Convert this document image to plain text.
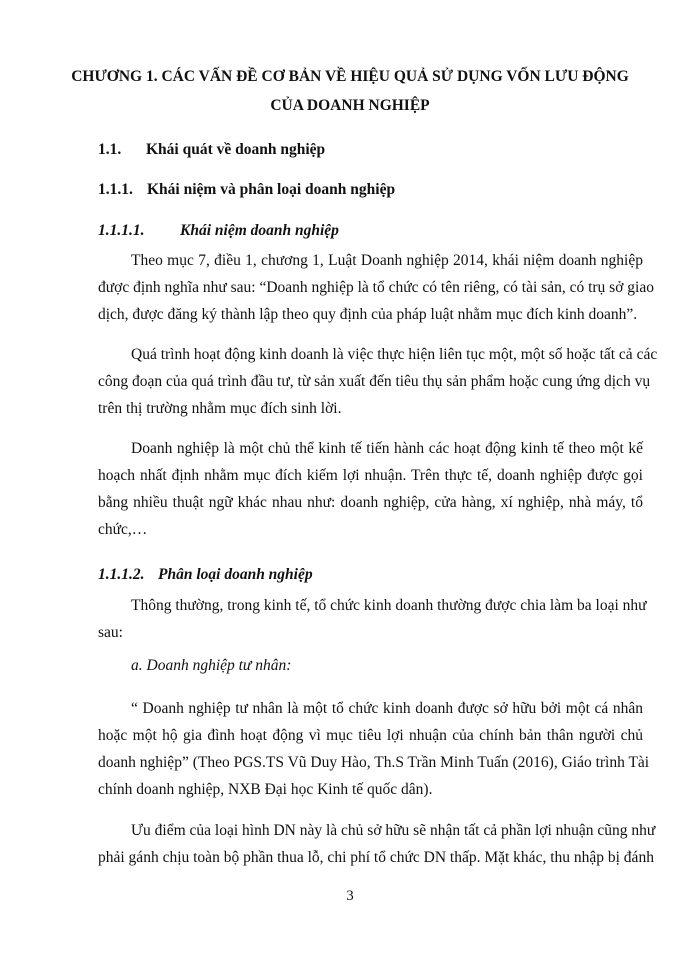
CHƯƠNG 1. CÁC VẤN ĐỀ CƠ BẢN VỀ HIỆU QUẢ SỬ DỤNG VỐN LƯU ĐỘNG
CỦA DOANH NGHIỆP
1.1. Khái quát về doanh nghiệp
1.1.1. Khái niệm và phân loại doanh nghiệp
1.1.1.1. Khái niệm doanh nghiệp
Theo mục 7, điều 1, chương 1, Luật Doanh nghiệp 2014, khái niệm doanh nghiệp
được định nghĩa như sau: “Doanh nghiệp là tổ chức có tên riêng, có tài sản, có trụ sở giao
dịch, được đăng ký thành lập theo quy định của pháp luật nhằm mục đích kinh doanh”.
Quá trình hoạt động kinh doanh là việc thực hiện liên tục một, một số hoặc tất cả các
công đoạn của quá trình đầu tư, từ sản xuất đến tiêu thụ sản phẩm hoặc cung ứng dịch vụ
trên thị trường nhằm mục đích sinh lời.
Doanh nghiệp là một chủ thể kinh tế tiến hành các hoạt động kinh tế theo một kế
hoạch nhất định nhằm mục đích kiếm lợi nhuận. Trên thực tế, doanh nghiệp được gọi
bằng nhiều thuật ngữ khác nhau như: doanh nghiệp, cửa hàng, xí nghiệp, nhà máy, tổ
chức,…
1.1.1.2. Phân loại doanh nghiệp
Thông thường, trong kinh tế, tổ chức kinh doanh thường được chia làm ba loại như
sau:
a. Doanh nghiệp tư nhân:
“ Doanh nghiệp tư nhân là một tổ chức kinh doanh được sở hữu bởi một cá nhân
hoặc một hộ gia đình hoạt động vì mục tiêu lợi nhuận của chính bản thân người chủ
doanh nghiệp” (Theo PGS.TS Vũ Duy Hào, Th.S Trần Minh Tuấn (2016), Giáo trình Tài
chính doanh nghiệp, NXB Đại học Kinh tế quốc dân).
Ưu điểm của loại hình DN này là chủ sở hữu sẽ nhận tất cả phần lợi nhuận cũng như
phải gánh chịu toàn bộ phần thua lỗ, chi phí tổ chức DN thấp. Mặt khác, thu nhập bị đánh
3
